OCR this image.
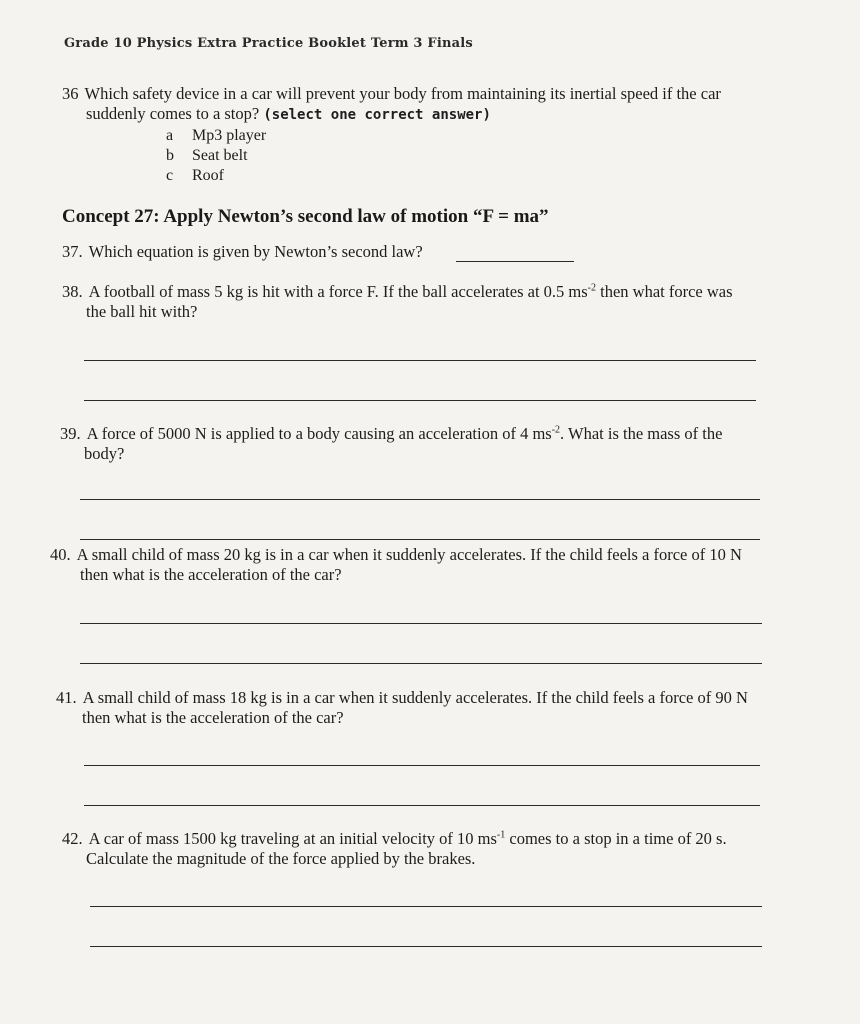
Grade 10 Physics Extra Practice Booklet Term 3 Finals
36 Which safety device in a car will prevent your body from maintaining its inertial speed if the car
suddenly comes to a stop? (select one correct answer)
a	Mp3 player
b	Seat belt
c	Roof
Concept 27: Apply Newton’s second law of motion “F = ma”
37. Which equation is given by Newton’s second law?
38. A football of mass 5 kg is hit with a force F. If the ball accelerates at 0.5 $ms^{-2}$ then what force was
the ball hit with?
39. A force of 5000 N is applied to a body causing an acceleration of 4 $ms^{-2}$. What is the mass of the
body?
40. A small child of mass 20 kg is in a car when it suddenly accelerates. If the child feels a force of 10 N
then what is the acceleration of the car?
41. A small child of mass 18 kg is in a car when it suddenly accelerates. If the child feels a force of 90 N
then what is the acceleration of the car?
42. A car of mass 1500 kg traveling at an initial velocity of 10 $ms^{-1}$ comes to a stop in a time of 20 s.
Calculate the magnitude of the force applied by the brakes.
